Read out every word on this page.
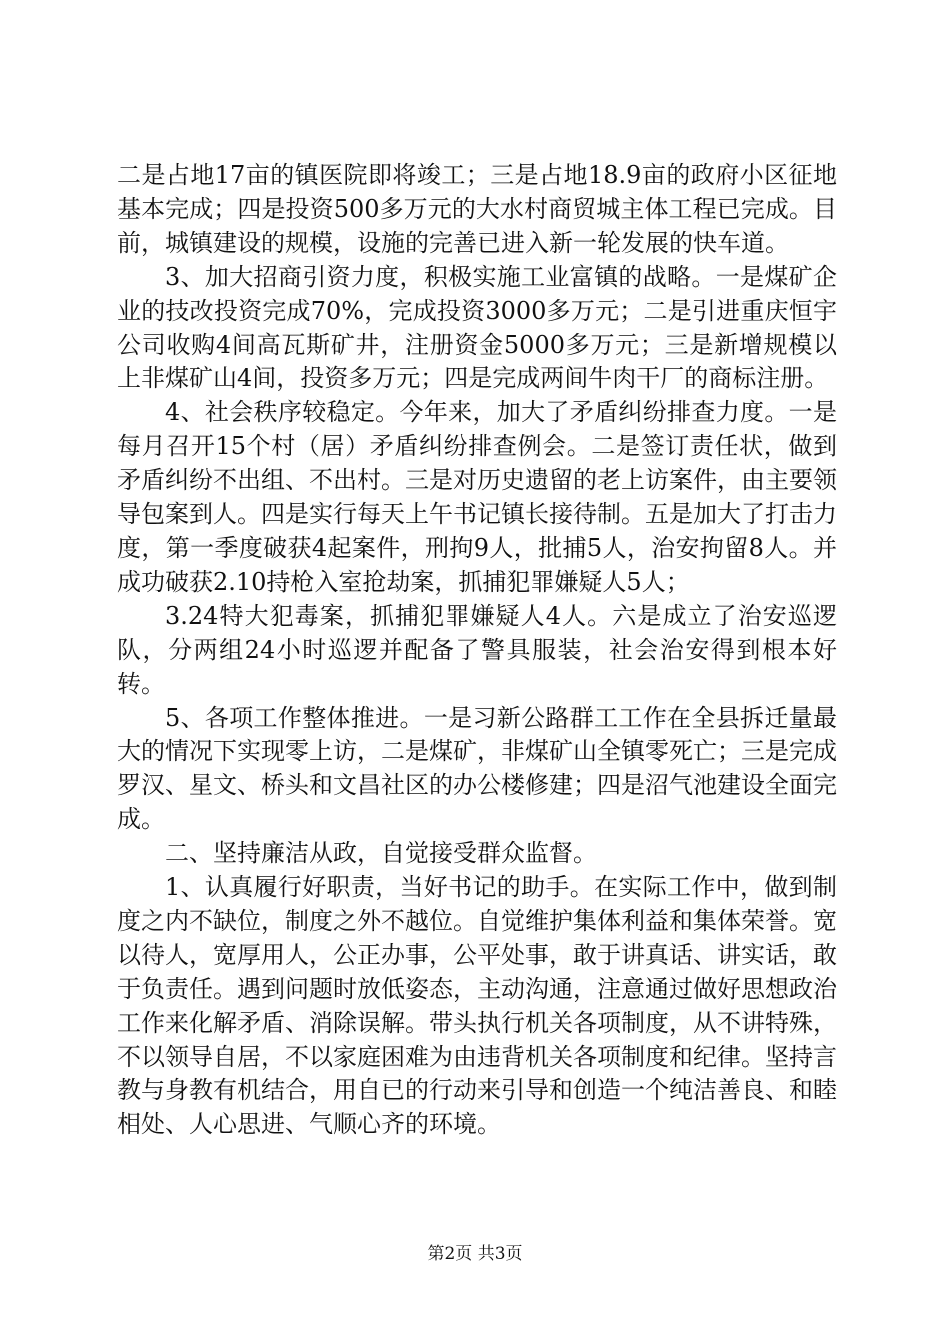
二是占地17亩的镇医院即将竣工；三是占地18.9亩的政府小区征地基本完成；四是投资500多万元的大水村商贸城主体工程已完成。目前，城镇建设的规模，设施的完善已进入新一轮发展的快车道。

3、加大招商引资力度，积极实施工业富镇的战略。一是煤矿企业的技改投资完成70%，完成投资3000多万元；二是引进重庆恒宇公司收购4间高瓦斯矿井，注册资金5000多万元；三是新增规模以上非煤矿山4间，投资多万元；四是完成两间牛肉干厂的商标注册。

4、社会秩序较稳定。今年来，加大了矛盾纠纷排查力度。一是每月召开15个村（居）矛盾纠纷排查例会。二是签订责任状，做到矛盾纠纷不出组、不出村。三是对历史遗留的老上访案件，由主要领导包案到人。四是实行每天上午书记镇长接待制。五是加大了打击力度，第一季度破获4起案件，刑拘9人，批捕5人，治安拘留8人。并成功破获2.10持枪入室抢劫案，抓捕犯罪嫌疑人5人；

3.24特大犯毒案，抓捕犯罪嫌疑人4人。六是成立了治安巡逻队，分两组24小时巡逻并配备了警具服装，社会治安得到根本好转。

5、各项工作整体推进。一是习新公路群工工作在全县拆迁量最大的情况下实现零上访，二是煤矿，非煤矿山全镇零死亡；三是完成罗汉、星文、桥头和文昌社区的办公楼修建；四是沼气池建设全面完成。

二、坚持廉洁从政，自觉接受群众监督。

1、认真履行好职责，当好书记的助手。在实际工作中，做到制度之内不缺位，制度之外不越位。自觉维护集体利益和集体荣誉。宽以待人，宽厚用人，公正办事，公平处事，敢于讲真话、讲实话，敢于负责任。遇到问题时放低姿态，主动沟通，注意通过做好思想政治工作来化解矛盾、消除误解。带头执行机关各项制度，从不讲特殊，不以领导自居，不以家庭困难为由违背机关各项制度和纪律。坚持言教与身教有机结合，用自已的行动来引导和创造一个纯洁善良、和睦相处、人心思进、气顺心齐的环境。

第2页 共3页
